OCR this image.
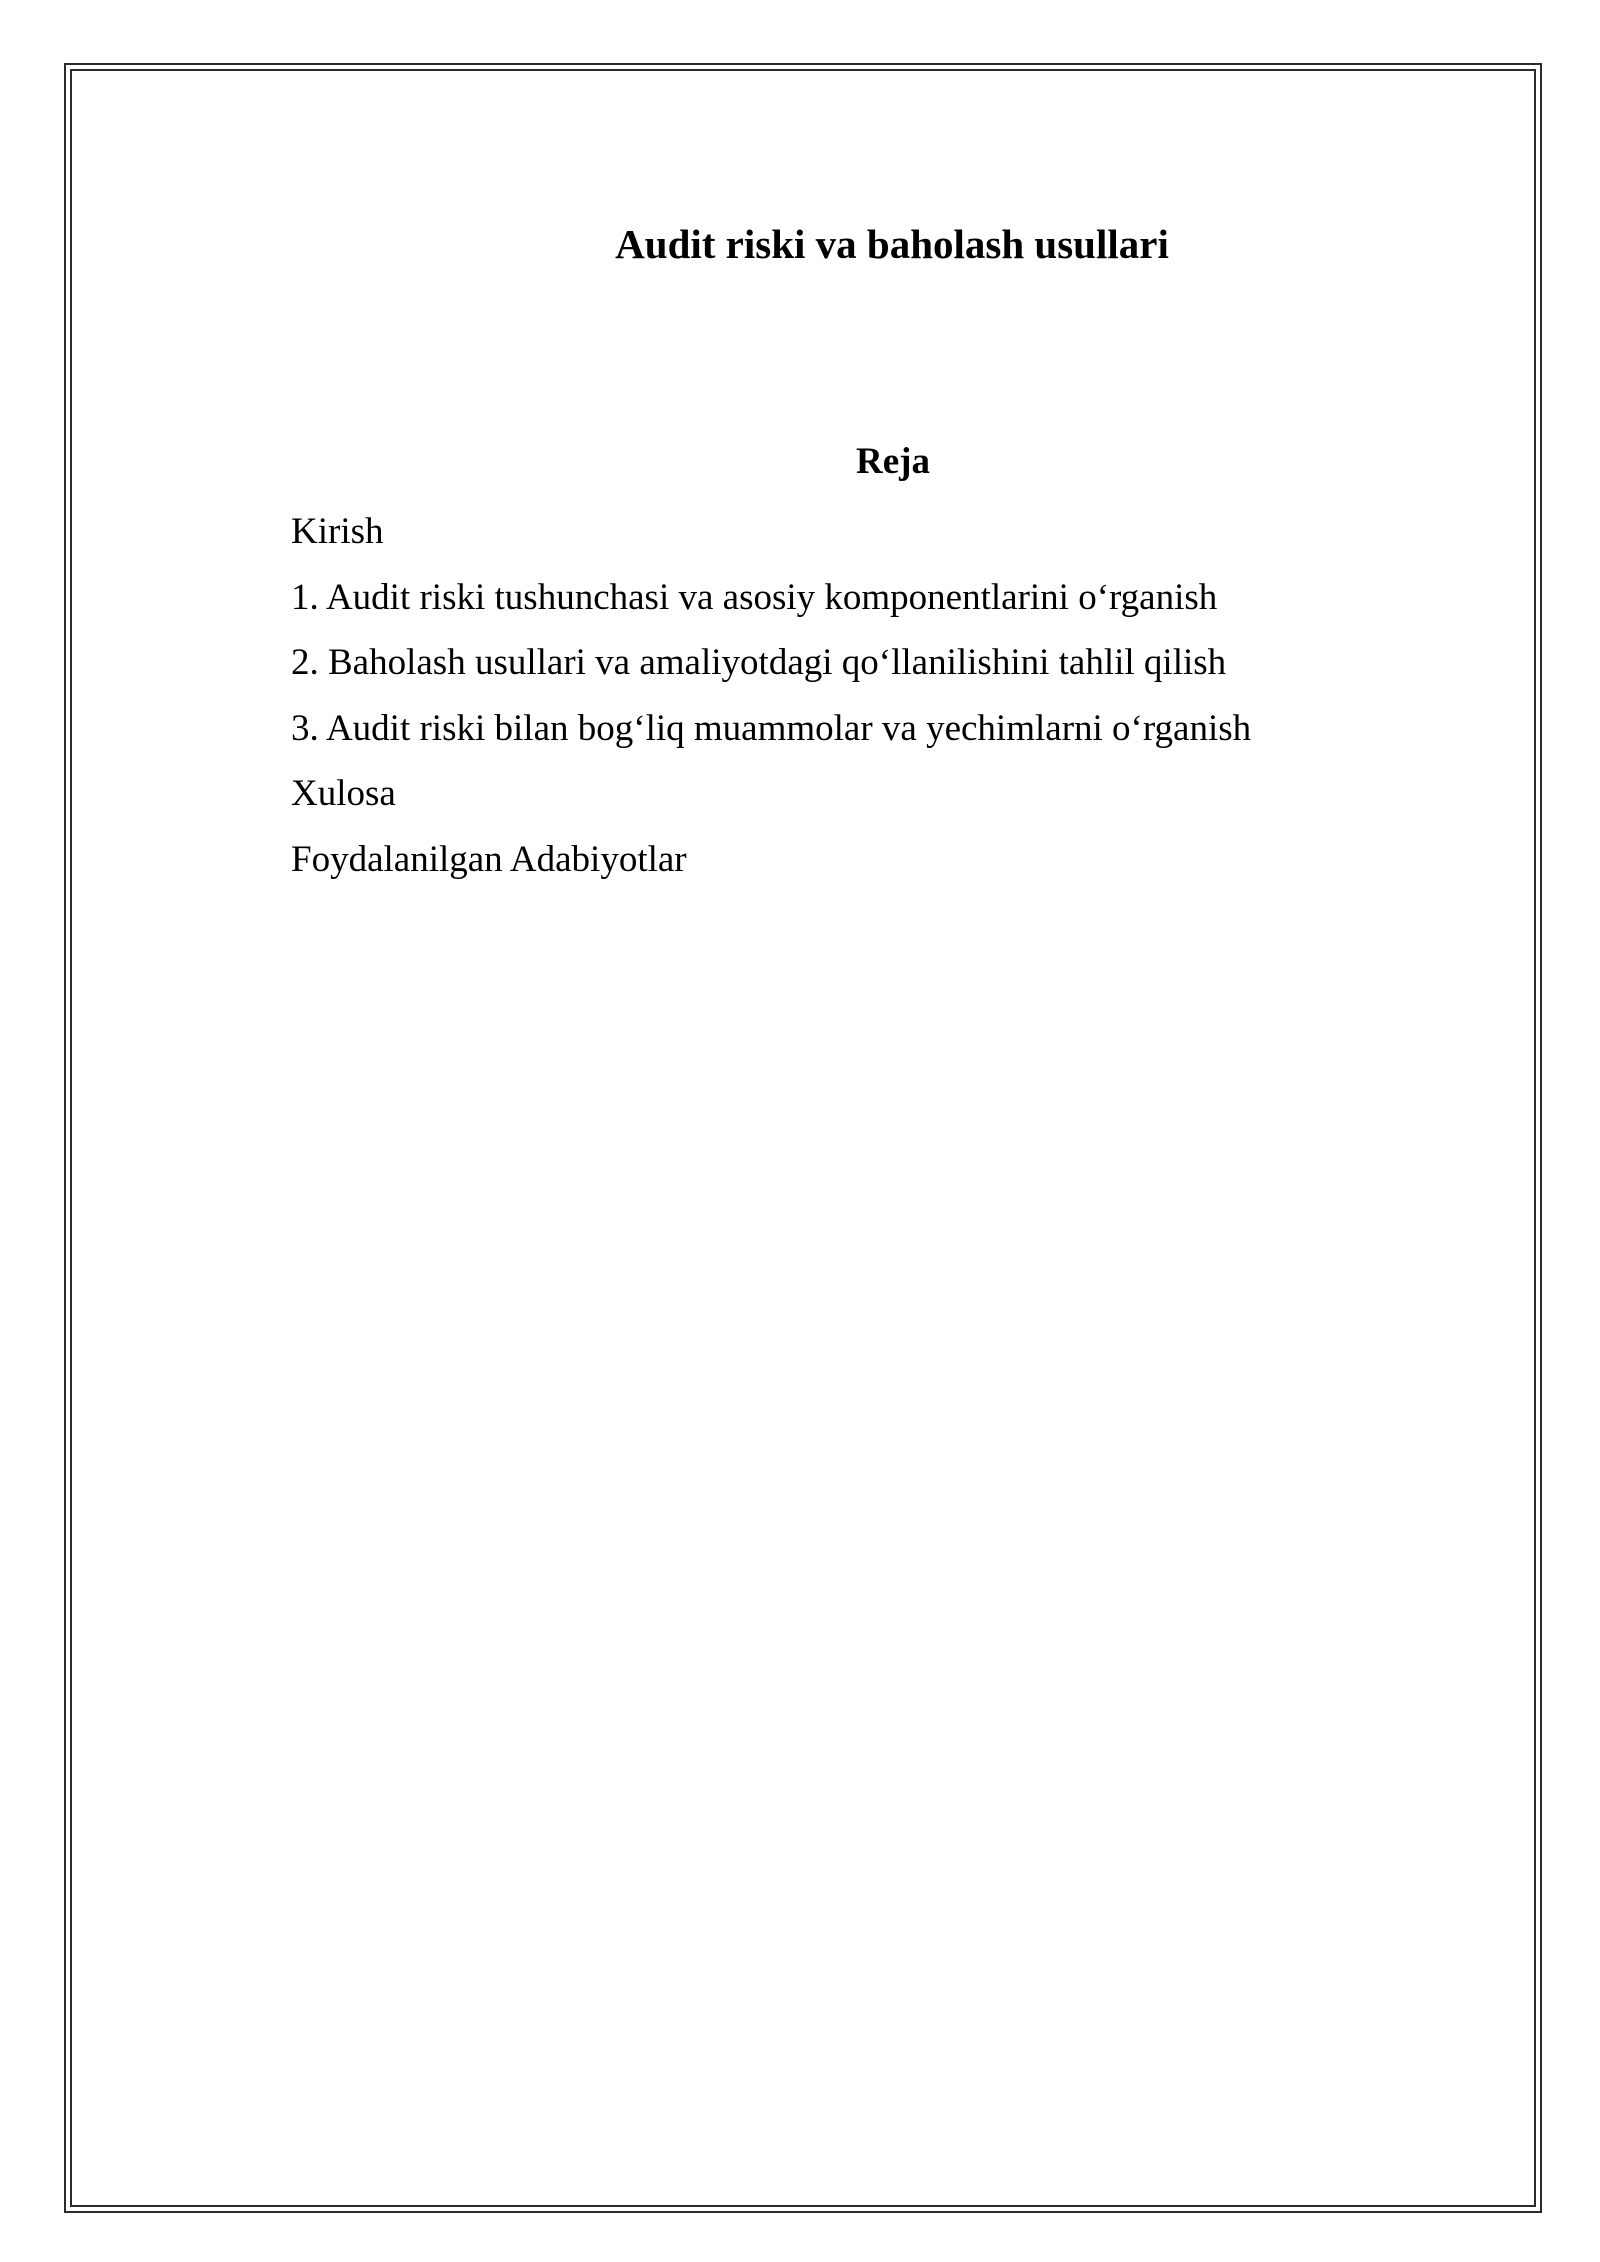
Audit riski va baholash usullari
Reja
Kirish
1. Audit riski tushunchasi va asosiy komponentlarini o‘rganish
2. Baholash usullari va amaliyotdagi qo‘llanilishini tahlil qilish
3. Audit riski bilan bog‘liq muammolar va yechimlarni o‘rganish
Xulosa
Foydalanilgan Adabiyotlar
